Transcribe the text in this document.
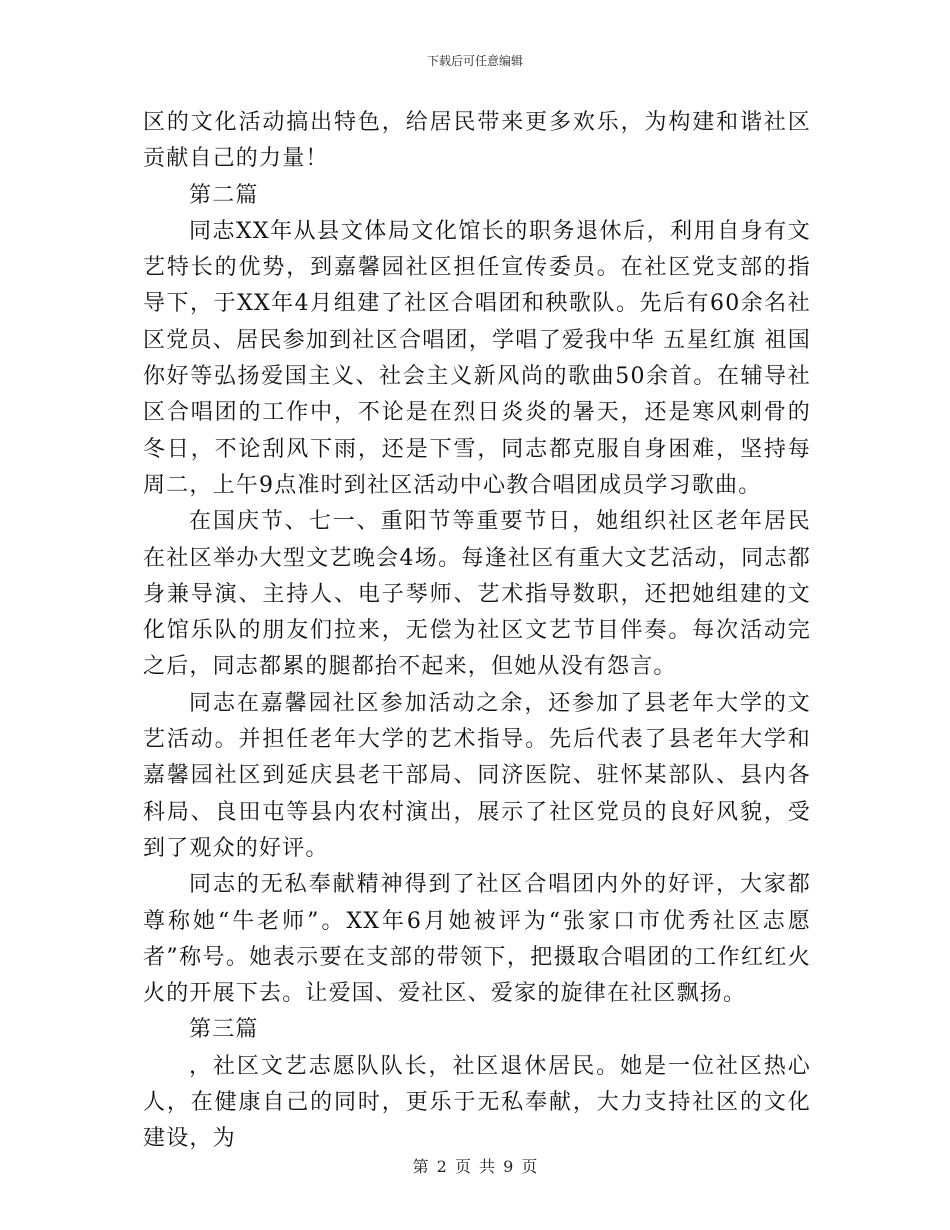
下载后可任意编辑

区的文化活动搞出特色，给居民带来更多欢乐，为构建和谐社区贡献自己的力量！

第二篇

同志XX年从县文体局文化馆长的职务退休后，利用自身有文艺特长的优势，到嘉馨园社区担任宣传委员。在社区党支部的指导下，于XX年4月组建了社区合唱团和秧歌队。先后有60余名社区党员、居民参加到社区合唱团，学唱了爱我中华 五星红旗 祖国你好等弘扬爱国主义、社会主义新风尚的歌曲50余首。在辅导社区合唱团的工作中，不论是在烈日炎炎的暑天，还是寒风刺骨的冬日，不论刮风下雨，还是下雪，同志都克服自身困难，坚持每周二，上午9点准时到社区活动中心教合唱团成员学习歌曲。

在国庆节、七一、重阳节等重要节日，她组织社区老年居民在社区举办大型文艺晚会4场。每逢社区有重大文艺活动，同志都身兼导演、主持人、电子琴师、艺术指导数职，还把她组建的文化馆乐队的朋友们拉来，无偿为社区文艺节目伴奏。每次活动完之后，同志都累的腿都抬不起来，但她从没有怨言。

同志在嘉馨园社区参加活动之余，还参加了县老年大学的文艺活动。并担任老年大学的艺术指导。先后代表了县老年大学和嘉馨园社区到延庆县老干部局、同济医院、驻怀某部队、县内各科局、良田屯等县内农村演出，展示了社区党员的良好风貌，受到了观众的好评。

同志的无私奉献精神得到了社区合唱团内外的好评，大家都尊称她“牛老师”。XX年6月她被评为“张家口市优秀社区志愿者”称号。她表示要在支部的带领下，把摄取合唱团的工作红红火火的开展下去。让爱国、爱社区、爱家的旋律在社区飘扬。

第三篇

，社区文艺志愿队队长，社区退休居民。她是一位社区热心人，在健康自己的同时，更乐于无私奉献，大力支持社区的文化建设，为

第 2 页 共 9 页
